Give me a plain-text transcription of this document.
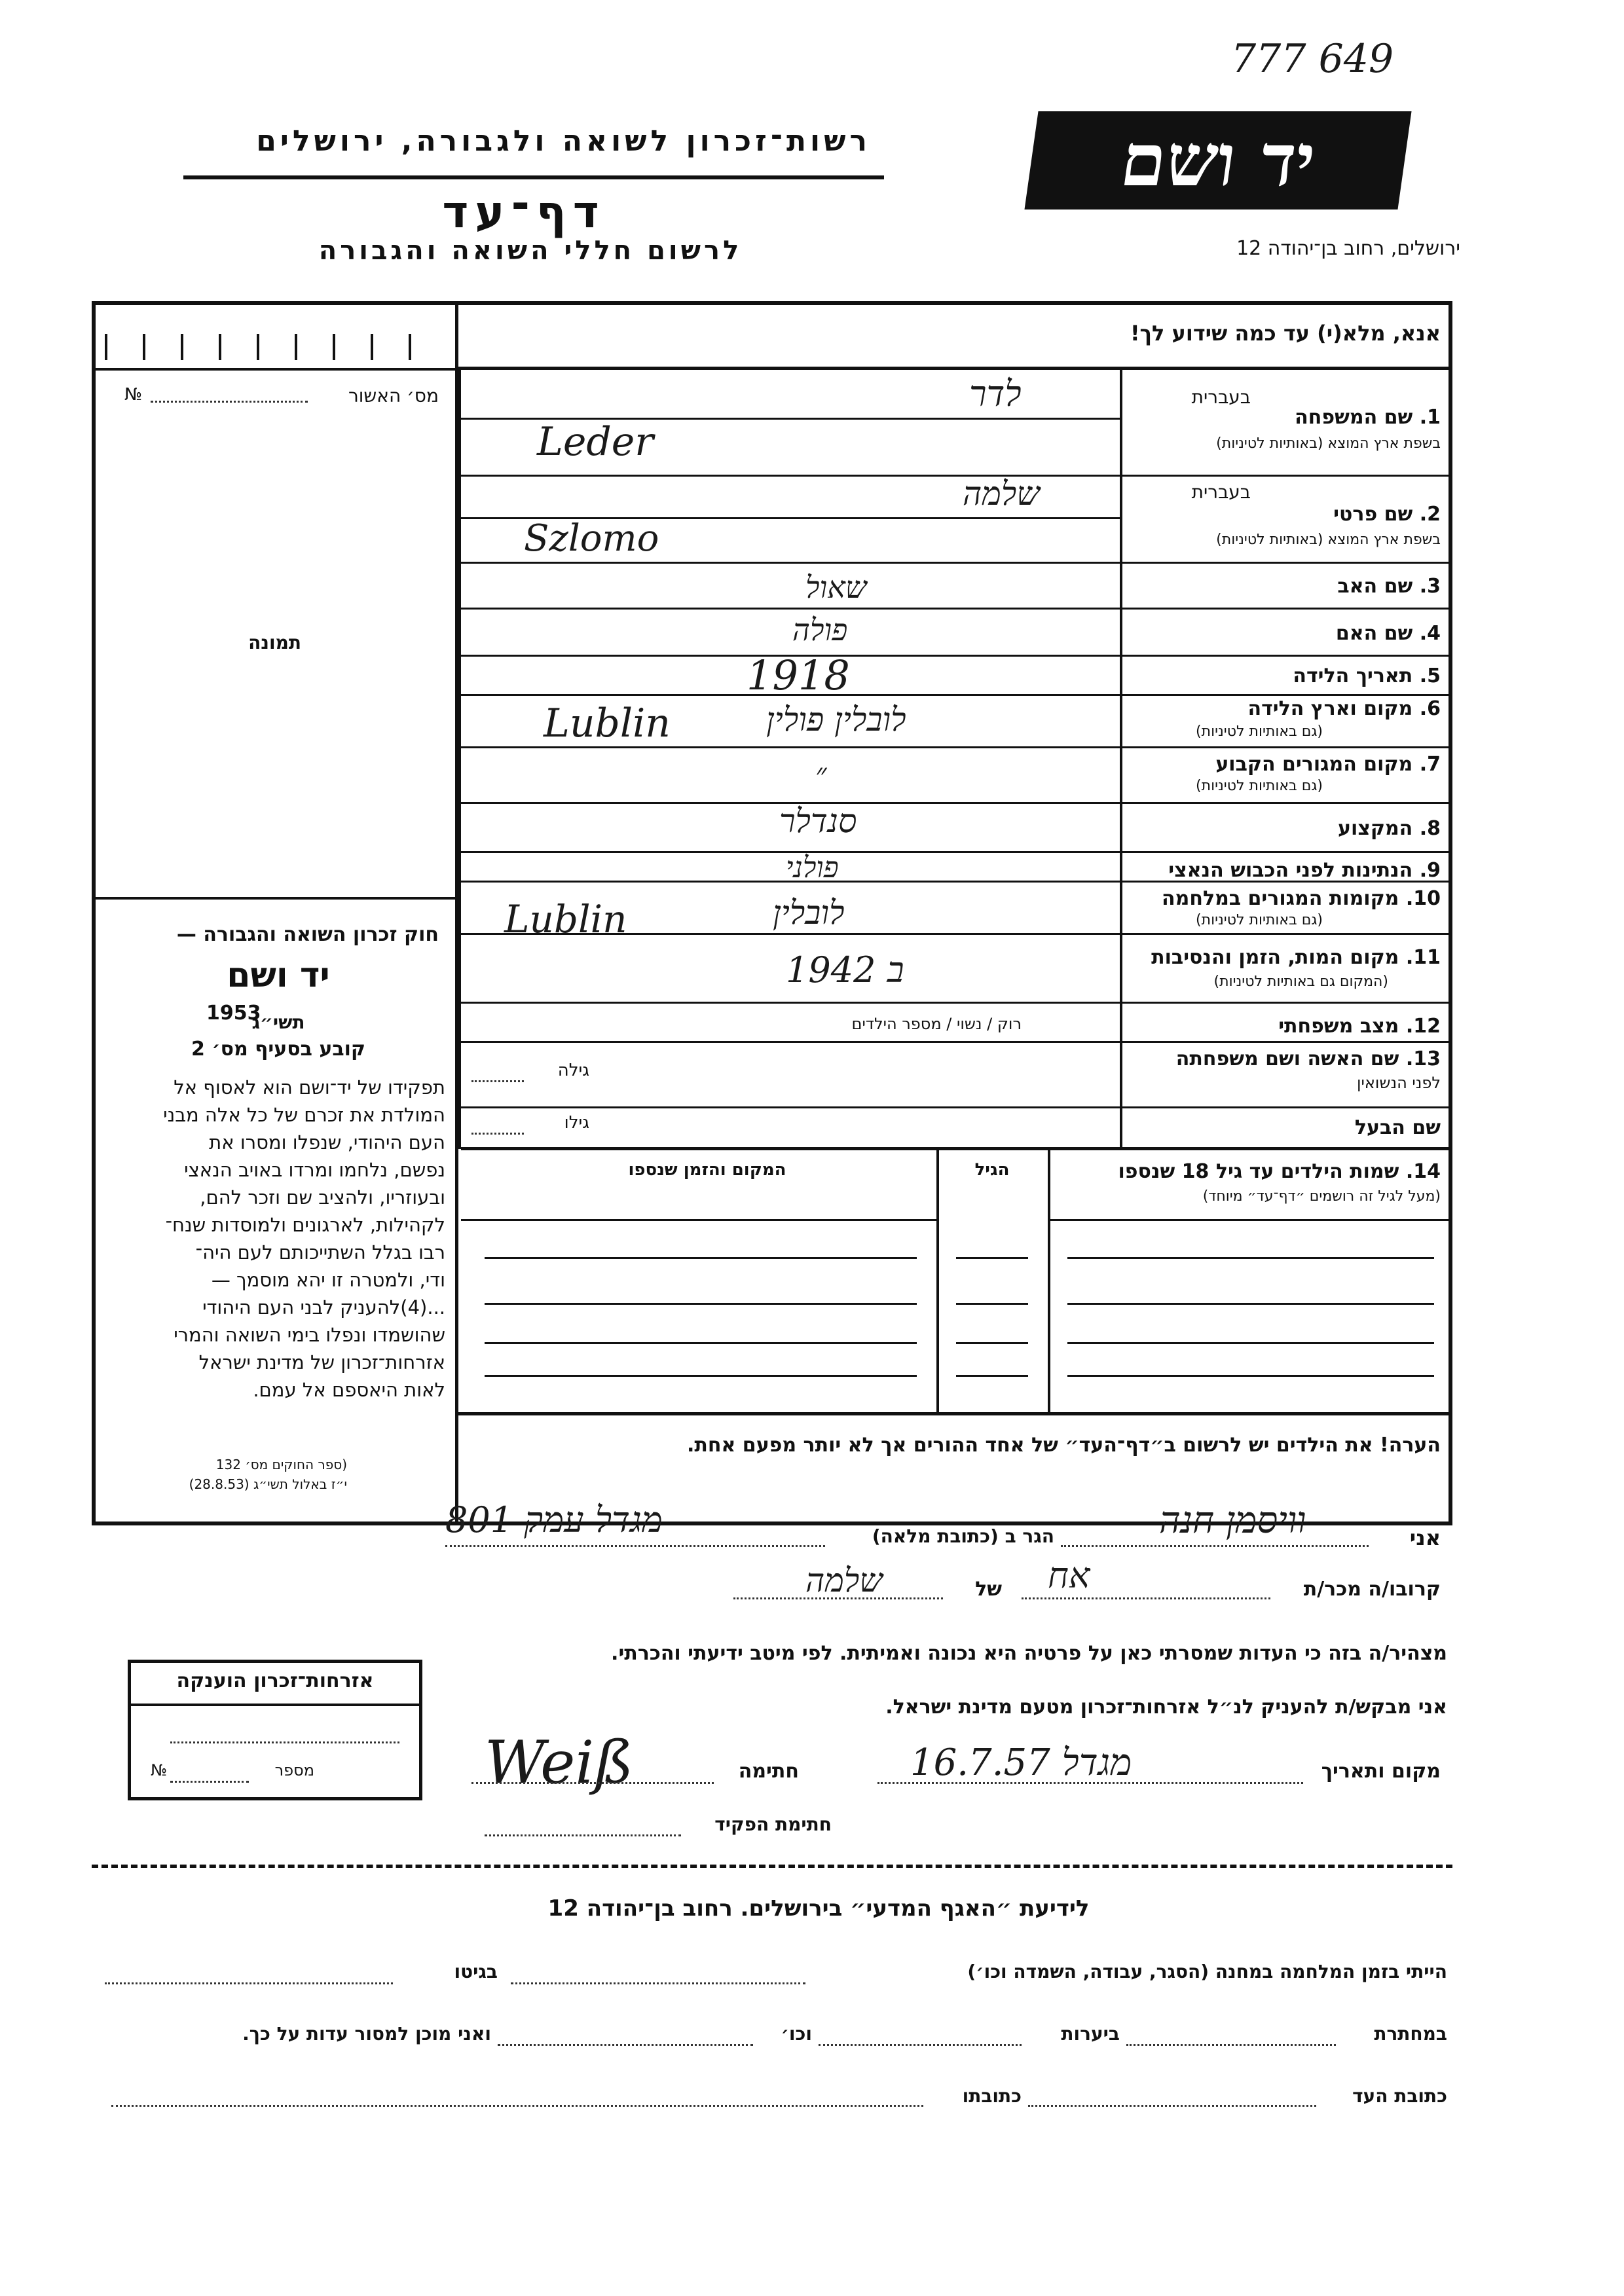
777 649
יד ושם
רשות־זכרון לשואה ולגבורה, ירושלים
דף־עד
לרשום חללי השואה והגבורה	ירושלים, רחוב בן־יהודה 12
אנא, מלא(י) עד כמה שידוע לך!
מס׳ האשור
№
תמונה
חוק זכרון השואה והגבורה —
יד ושם
תשי״ג
1953
קובע בסעיף מס׳ 2
תפקידו של יד־ושם הוא לאסוף אל
המולדת את זכרם של כל אלה מבני
העם היהודי, שנפלו ומסרו את
נפשם, נלחמו ומרדו באויב הנאצי
ובעוזריו, ולהציב שם וזכר להם,
לקהילות, לארגונים ולמוסדות שנח־
רבו בגלל השתייכותם לעם היה־
ודי, ולמטרה זו יהא מוסמך —
...(4)להעניק לבני העם היהודי
שהושמדו ונפלו בימי השואה והמרי
אזרחות־זכרון של מדינת ישראל
לאות היאספם אל עמם.
(ספר החוקים מס׳ 132
י״ז באלול תשי״ג (28.8.53)
בעברית
1. שם המשפחה
בשפת ארץ המוצא (באותיות לטיניות)
לדר
Leder
בעברית
2. שם פרטי
בשפת ארץ המוצא (באותיות לטיניות)
שלמה
Szlomo
3. שם האב
שאול
4. שם האם
פולה
5. תאריך הלידה
1918
6. מקום וארץ הלידה
(גם באותיות לטיניות)
לובלין פולין
Lublin
7. מקום המגורים הקבוע
(גם באותיות לטיניות)
״
8. המקצוע
סנדלר
9. הנתינות לפני הכבוש הנאצי
פולני
10. מקומות המגורים במלחמה
(גם באותיות לטיניות)
לובלין
Lublin
11. מקום המות, הזמן והנסיבות
(המקום גם באותיות לטיניות)
ב 1942
12. מצב משפחתי
רוק / נשוי / מספר הילדים
13. שם האשה ושם משפחתה
לפני הנשואין
גילה
שם הבעל
גילו
14. שמות הילדים עד גיל 18 שנספו
(מעל לגיל זה רושמים ״דף־עד״ מיוחד)
הגיל
המקום והזמן שנספו
הערה! את הילדים יש לרשום ב״דף־העד״ של אחד ההורים אך לא יותר מפעם אחת.
אני
וויסמן חנה
הגר ב (כתובת מלאה)
מגדל עמק 801
קרובו/ה מכר/ת
אח
של
שלמה
מצהיר/ה בזה כי העדות שמסרתי כאן על פרטיה היא נכונה ואמיתית. לפי מיטב ידיעתי והכרתי.
אני מבקש/ת להעניק לנ״ל אזרחות־זכרון מטעם מדינת ישראל.
מקום ותאריך
מגדל 16.7.57
חתימה
Weiß
חתימת הפקיד
אזרחות־זכרון הוענקה
מספר
№
לידיעת ״האגף המדעי״ בירושלים. רחוב בן־יהודה 12
הייתי בזמן המלחמה במחנה (הסגר, עבודה, השמדה וכו׳)
בגיטו
במחתרת
ביערות
וכו׳
ואני מוכן למסור עדות על כך.
כתובת העד
כתובתו
